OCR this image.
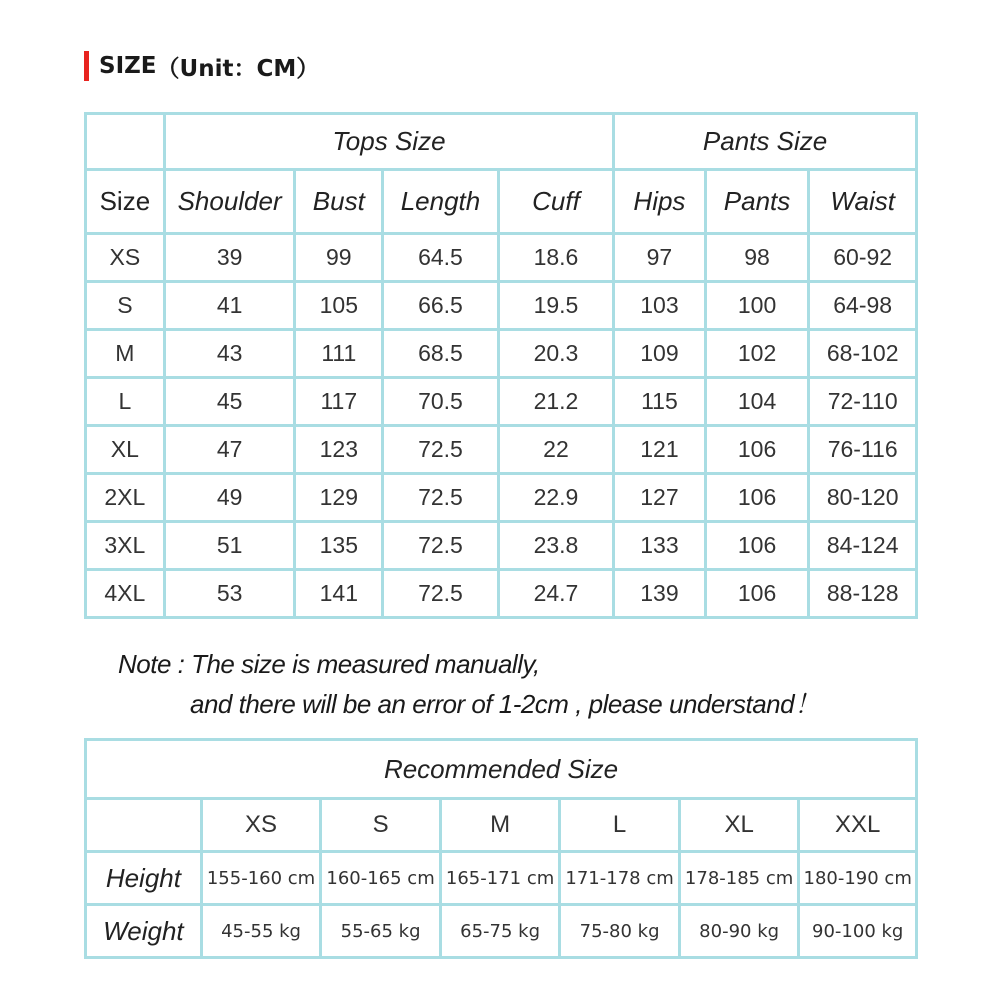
SIZE （Unit：CM）
	Tops Size				Pants Size		
Size	Shoulder	Bust	Length	Cuff	Hips	Pants	Waist
XS	39	99	64.5	18.6	97	98	60-92
S	41	105	66.5	19.5	103	100	64-98
M	43	111	68.5	20.3	109	102	68-102
L	45	117	70.5	21.2	115	104	72-110
XL	47	123	72.5	22	121	106	76-116
2XL	49	129	72.5	22.9	127	106	80-120
3XL	51	135	72.5	23.8	133	106	84-124
4XL	53	141	72.5	24.7	139	106	88-128
Note : The size is measured manually,
and there will be an error of 1-2cm , please understand！
Recommended Size						
	XS	S	M	L	XL	XXL
Height	155-160 cm	160-165 cm	165-171 cm	171-178 cm	178-185 cm	180-190 cm
Weight	45-55 kg	55-65 kg	65-75 kg	75-80 kg	80-90 kg	90-100 kg
